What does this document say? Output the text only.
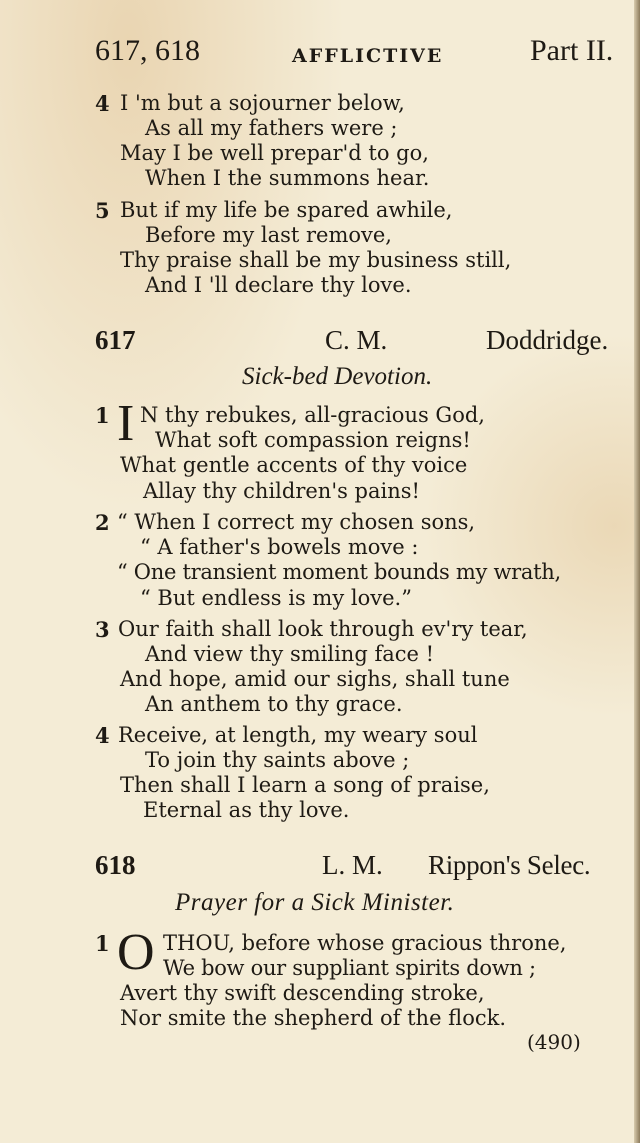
617, 618	AFFLICTIVE	Part II.
4 I 'm but a sojourner below,
As all my fathers were ;
May I be well prepar'd to go,
When I the summons hear.
5 But if my life be spared awhile,
Before my last remove,
Thy praise shall be my business still,
And I 'll declare thy love.
617	C. M.	Doddridge.
Sick-bed Devotion.
1 I N thy rebukes, all-gracious God,
What soft compassion reigns!
What gentle accents of thy voice
Allay thy children's pains!
2 “ When I correct my chosen sons,
“ A father's bowels move :
“ One transient moment bounds my wrath,
“ But endless is my love.”
3 Our faith shall look through ev'ry tear,
And view thy smiling face !
And hope, amid our sighs, shall tune
An anthem to thy grace.
4 Receive, at length, my weary soul
To join thy saints above ;
Then shall I learn a song of praise,
Eternal as thy love.
618	L. M. Rippon's Selec.
Prayer for a Sick Minister.
1 O THOU, before whose gracious throne,
We bow our suppliant spirits down ;
Avert thy swift descending stroke,
Nor smite the shepherd of the flock.
(490)
